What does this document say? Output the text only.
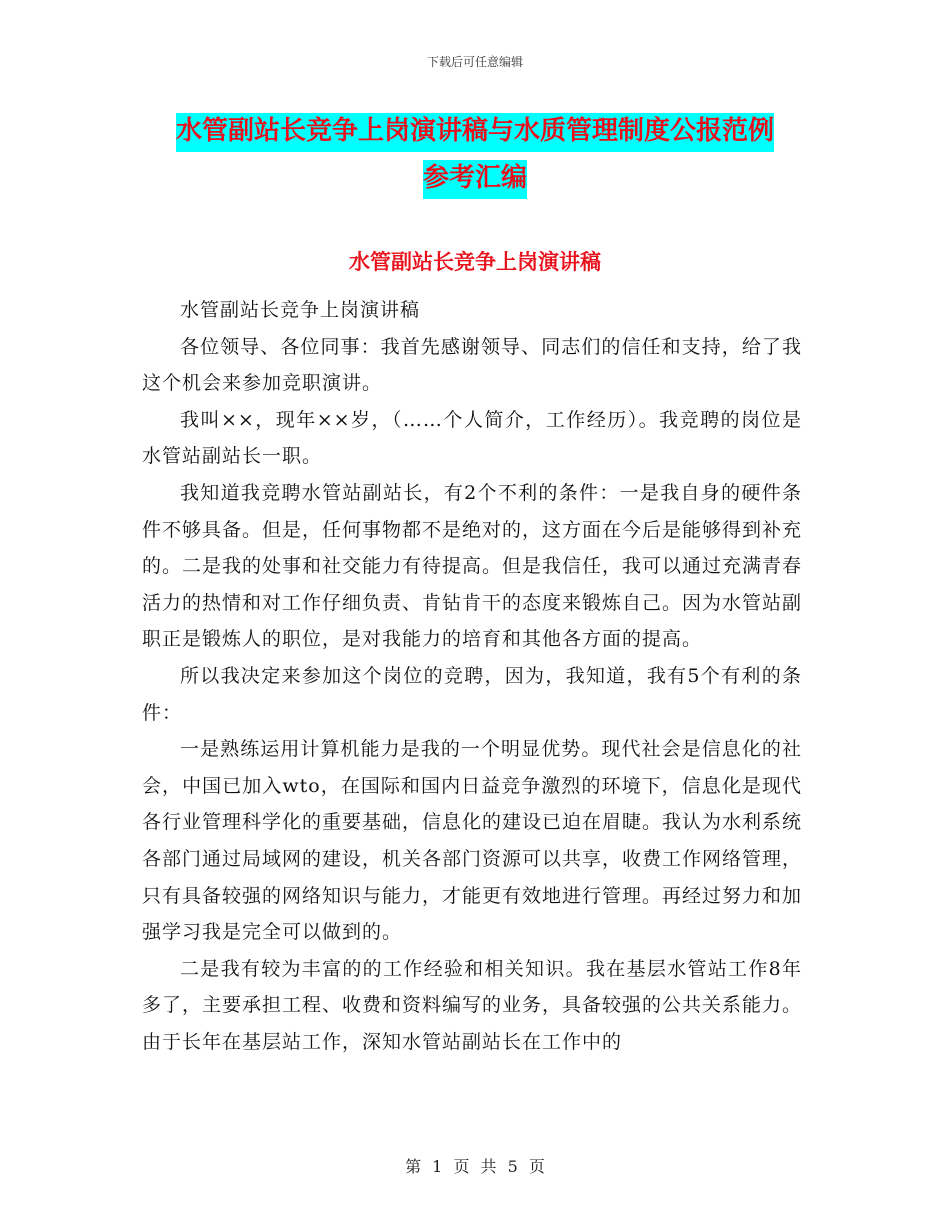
下载后可任意编辑
水管副站长竞争上岗演讲稿与水质管理制度公报范例
参考汇编
水管副站长竞争上岗演讲稿

水管副站长竞争上岗演讲稿

各位领导、各位同事：我首先感谢领导、同志们的信任和支持，给了我这个机会来参加竞职演讲。

我叫××，现年××岁，（……个人简介，工作经历）。我竞聘的岗位是水管站副站长一职。

我知道我竞聘水管站副站长，有2个不利的条件：一是我自身的硬件条件不够具备。但是，任何事物都不是绝对的，这方面在今后是能够得到补充的。二是我的处事和社交能力有待提高。但是我信任，我可以通过充满青春活力的热情和对工作仔细负责、肯钻肯干的态度来锻炼自己。因为水管站副职正是锻炼人的职位，是对我能力的培育和其他各方面的提高。

所以我决定来参加这个岗位的竞聘，因为，我知道，我有5个有利的条件：

一是熟练运用计算机能力是我的一个明显优势。现代社会是信息化的社会，中国已加入wto，在国际和国内日益竞争激烈的环境下，信息化是现代各行业管理科学化的重要基础，信息化的建设已迫在眉睫。我认为水利系统各部门通过局域网的建设，机关各部门资源可以共享，收费工作网络管理，只有具备较强的网络知识与能力，才能更有效地进行管理。再经过努力和加强学习我是完全可以做到的。

二是我有较为丰富的的工作经验和相关知识。我在基层水管站工作8年多了，主要承担工程、收费和资料编写的业务，具备较强的公共关系能力。由于长年在基层站工作，深知水管站副站长在工作中的

第 1 页 共 5 页
